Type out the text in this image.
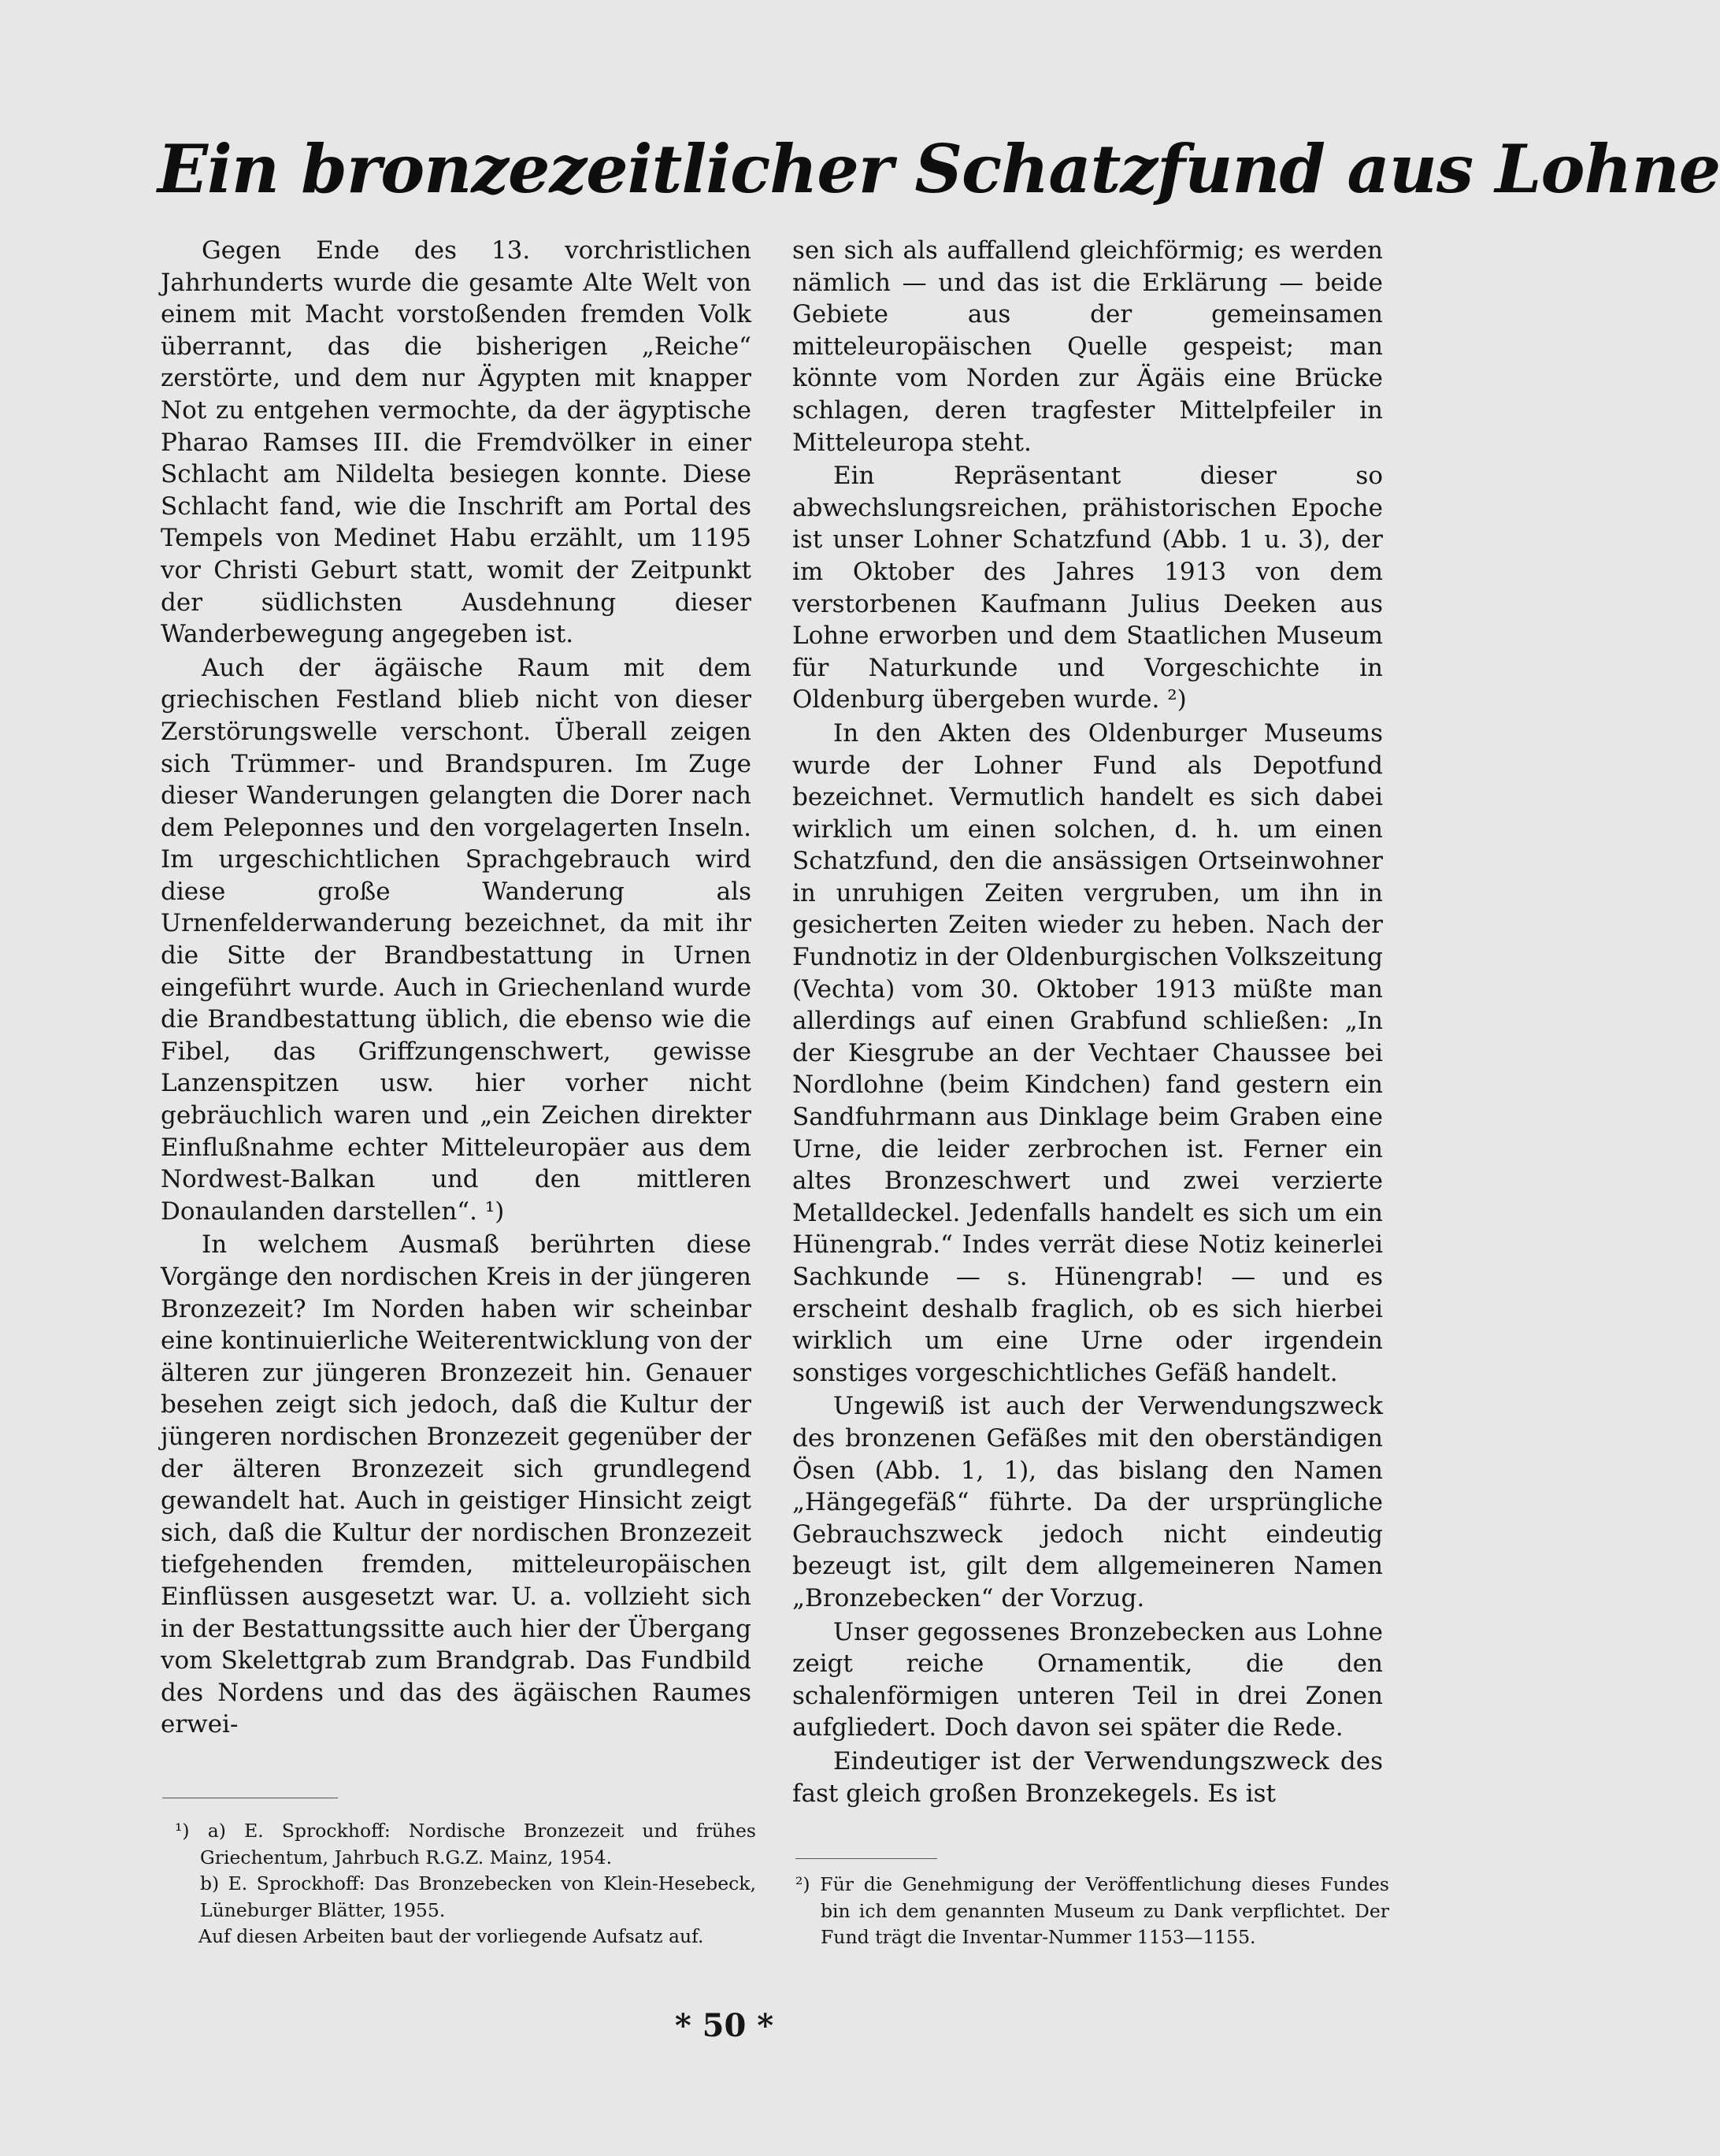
Ein bronzezeitlicher Schatzfund aus Lohne

Gegen Ende des 13. vorchristlichen Jahrhunderts wurde die gesamte Alte Welt von einem mit Macht vorstoßenden fremden Volk überrannt, das die bisherigen „Reiche“ zerstörte, und dem nur Ägypten mit knapper Not zu entgehen vermochte, da der ägyptische Pharao Ramses III. die Fremdvölker in einer Schlacht am Nildelta besiegen konnte. Diese Schlacht fand, wie die Inschrift am Portal des Tempels von Medinet Habu erzählt, um 1195 vor Christi Geburt statt, womit der Zeitpunkt der südlichsten Ausdehnung dieser Wanderbewegung angegeben ist.

Auch der ägäische Raum mit dem griechischen Festland blieb nicht von dieser Zerstörungswelle verschont. Überall zeigen sich Trümmer- und Brandspuren. Im Zuge dieser Wanderungen gelangten die Dorer nach dem Peleponnes und den vorgelagerten Inseln. Im urgeschichtlichen Sprachgebrauch wird diese große Wanderung als Urnenfelderwanderung bezeichnet, da mit ihr die Sitte der Brandbestattung in Urnen eingeführt wurde. Auch in Griechenland wurde die Brandbestattung üblich, die ebenso wie die Fibel, das Griffzungenschwert, gewisse Lanzenspitzen usw. hier vorher nicht gebräuchlich waren und „ein Zeichen direkter Einflußnahme echter Mitteleuropäer aus dem Nordwest-Balkan und den mittleren Donaulanden darstellen“. ¹)

In welchem Ausmaß berührten diese Vorgänge den nordischen Kreis in der jüngeren Bronzezeit? Im Norden haben wir scheinbar eine kontinuierliche Weiterentwicklung von der älteren zur jüngeren Bronzezeit hin. Genauer besehen zeigt sich jedoch, daß die Kultur der jüngeren nordischen Bronzezeit gegenüber der der älteren Bronzezeit sich grundlegend gewandelt hat. Auch in geistiger Hinsicht zeigt sich, daß die Kultur der nordischen Bronzezeit tiefgehenden fremden, mitteleuropäischen Einflüssen ausgesetzt war. U. a. vollzieht sich in der Bestattungssitte auch hier der Übergang vom Skelettgrab zum Brandgrab. Das Fundbild des Nordens und das des ägäischen Raumes erwei-

sen sich als auffallend gleichförmig; es werden nämlich — und das ist die Erklärung — beide Gebiete aus der gemeinsamen mitteleuropäischen Quelle gespeist; man könnte vom Norden zur Ägäis eine Brücke schlagen, deren tragfester Mittelpfeiler in Mitteleuropa steht.

Ein Repräsentant dieser so abwechslungsreichen, prähistorischen Epoche ist unser Lohner Schatzfund (Abb. 1 u. 3), der im Oktober des Jahres 1913 von dem verstorbenen Kaufmann Julius Deeken aus Lohne erworben und dem Staatlichen Museum für Naturkunde und Vorgeschichte in Oldenburg übergeben wurde. ²)

In den Akten des Oldenburger Museums wurde der Lohner Fund als Depotfund bezeichnet. Vermutlich handelt es sich dabei wirklich um einen solchen, d. h. um einen Schatzfund, den die ansässigen Ortseinwohner in unruhigen Zeiten vergruben, um ihn in gesicherten Zeiten wieder zu heben. Nach der Fundnotiz in der Oldenburgischen Volkszeitung (Vechta) vom 30. Oktober 1913 müßte man allerdings auf einen Grabfund schließen: „In der Kiesgrube an der Vechtaer Chaussee bei Nordlohne (beim Kindchen) fand gestern ein Sandfuhrmann aus Dinklage beim Graben eine Urne, die leider zerbrochen ist. Ferner ein altes Bronzeschwert und zwei verzierte Metalldeckel. Jedenfalls handelt es sich um ein Hünengrab.“ Indes verrät diese Notiz keinerlei Sachkunde — s. Hünengrab! — und es erscheint deshalb fraglich, ob es sich hierbei wirklich um eine Urne oder irgendein sonstiges vorgeschichtliches Gefäß handelt.

Ungewiß ist auch der Verwendungszweck des bronzenen Gefäßes mit den oberständigen Ösen (Abb. 1, 1), das bislang den Namen „Hängegefäß“ führte. Da der ursprüngliche Gebrauchszweck jedoch nicht eindeutig bezeugt ist, gilt dem allgemeineren Namen „Bronzebecken“ der Vorzug.

Unser gegossenes Bronzebecken aus Lohne zeigt reiche Ornamentik, die den schalenförmigen unteren Teil in drei Zonen aufgliedert. Doch davon sei später die Rede.

Eindeutiger ist der Verwendungszweck des fast gleich großen Bronzekegels. Es ist

¹) a) E. Sprockhoff: Nordische Bronzezeit und frühes Griechentum, Jahrbuch R.G.Z. Mainz, 1954.
b) E. Sprockhoff: Das Bronzebecken von Klein-Hesebeck, Lüneburger Blätter, 1955.
Auf diesen Arbeiten baut der vorliegende Aufsatz auf.
²) Für die Genehmigung der Veröffentlichung dieses Fundes bin ich dem genannten Museum zu Dank verpflichtet. Der Fund trägt die Inventar-Nummer 1153—1155.
* 50 *
